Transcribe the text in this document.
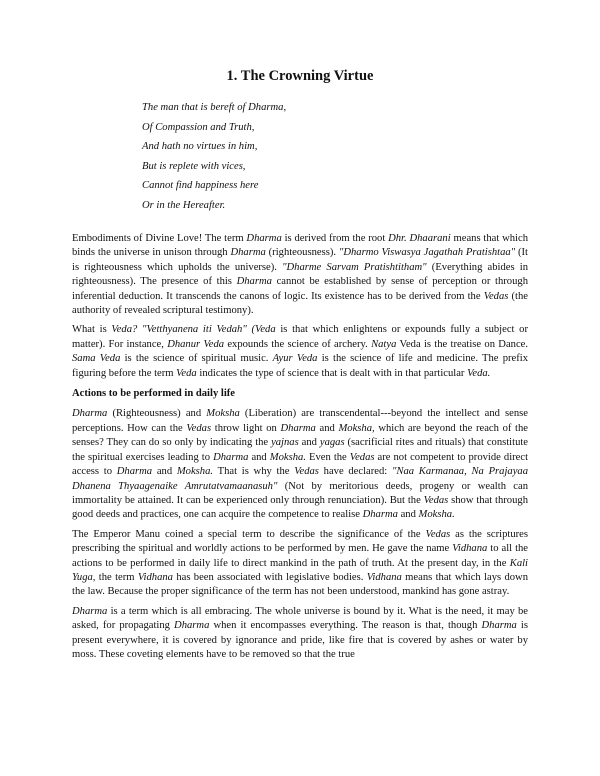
1. The Crowning Virtue
The man that is bereft of Dharma,
Of Compassion and Truth,
And hath no virtues in him,
But is replete with vices,
Cannot find happiness here
Or in the Hereafter.

Embodiments of Divine Love! The term Dharma is derived from the root Dhr. Dhaarani means that which binds the universe in unison through Dharma (righteousness). "Dharmo Viswasya Jagathah Pratishtaa" (It is righteousness which upholds the universe). "Dharme Sarvam Pratishtitham" (Everything abides in righteousness). The presence of this Dharma cannot be established by sense of perception or through inferential deduction. It transcends the canons of logic. Its existence has to be derived from the Vedas (the authority of revealed scriptural testimony).

What is Veda? "Vetthyanena iti Vedah" (Veda is that which enlightens or expounds fully a subject or matter). For instance, Dhanur Veda expounds the science of archery. Natya Veda is the treatise on Dance. Sama Veda is the science of spiritual music. Ayur Veda is the science of life and medicine. The prefix figuring before the term Veda indicates the type of science that is dealt with in that particular Veda.

Actions to be performed in daily life

Dharma (Righteousness) and Moksha (Liberation) are transcendental---beyond the intellect and sense perceptions. How can the Vedas throw light on Dharma and Moksha, which are beyond the reach of the senses? They can do so only by indicating the yajnas and yagas (sacrificial rites and rituals) that constitute the spiritual exercises leading to Dharma and Moksha. Even the Vedas are not competent to provide direct access to Dharma and Moksha. That is why the Vedas have declared: "Naa Karmanaa, Na Prajayaa Dhanena Thyaagenaike Amrutatvamaanasuh" (Not by meritorious deeds, progeny or wealth can immortality be attained. It can be experienced only through renunciation). But the Vedas show that through good deeds and practices, one can acquire the competence to realise Dharma and Moksha.

The Emperor Manu coined a special term to describe the significance of the Vedas as the scriptures prescribing the spiritual and worldly actions to be performed by men. He gave the name Vidhana to all the actions to be performed in daily life to direct mankind in the path of truth. At the present day, in the Kali Yuga, the term Vidhana has been associated with legislative bodies. Vidhana means that which lays down the law. Because the proper significance of the term has not been understood, mankind has gone astray.

Dharma is a term which is all embracing. The whole universe is bound by it. What is the need, it may be asked, for propagating Dharma when it encompasses everything. The reason is that, though Dharma is present everywhere, it is covered by ignorance and pride, like fire that is covered by ashes or water by moss. These coveting elements have to be removed so that the true
